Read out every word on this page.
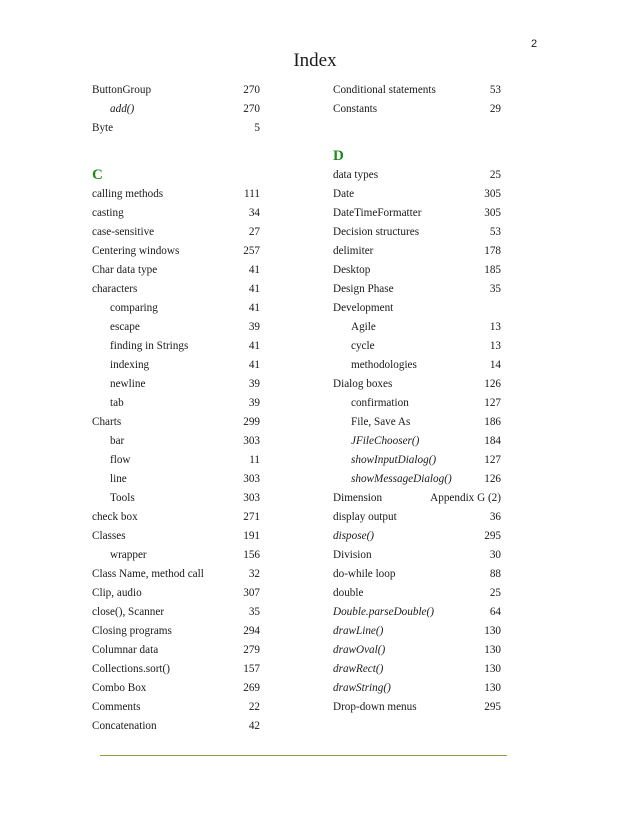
2
Index
ButtonGroup	270
add()	270
Byte	5
C
calling methods	111
casting	34
case-sensitive	27
Centering windows	257
Char data type	41
characters	41
comparing	41
escape	39
finding in Strings	41
indexing	41
newline	39
tab	39
Charts	299
bar	303
flow	11
line	303
Tools	303
check box	271
Classes	191
wrapper	156
Class Name, method call	32
Clip, audio	307
close(), Scanner	35
Closing programs	294
Columnar data	279
Collections.sort()	157
Combo Box	269
Comments	22
Concatenation	42
Conditional statements	53
Constants	29
D
data types	25
Date	305
DateTimeFormatter	305
Decision structures	53
delimiter	178
Desktop	185
Design Phase	35
Development
Agile	13
cycle	13
methodologies	14
Dialog boxes	126
confirmation	127
File, Save As	186
JFileChooser()	184
showInputDialog()	127
showMessageDialog()	126
Dimension	Appendix G (2)
display output	36
dispose()	295
Division	30
do-while loop	88
double	25
Double.parseDouble()	64
drawLine()	130
drawOval()	130
drawRect()	130
drawString()	130
Drop-down menus	295
